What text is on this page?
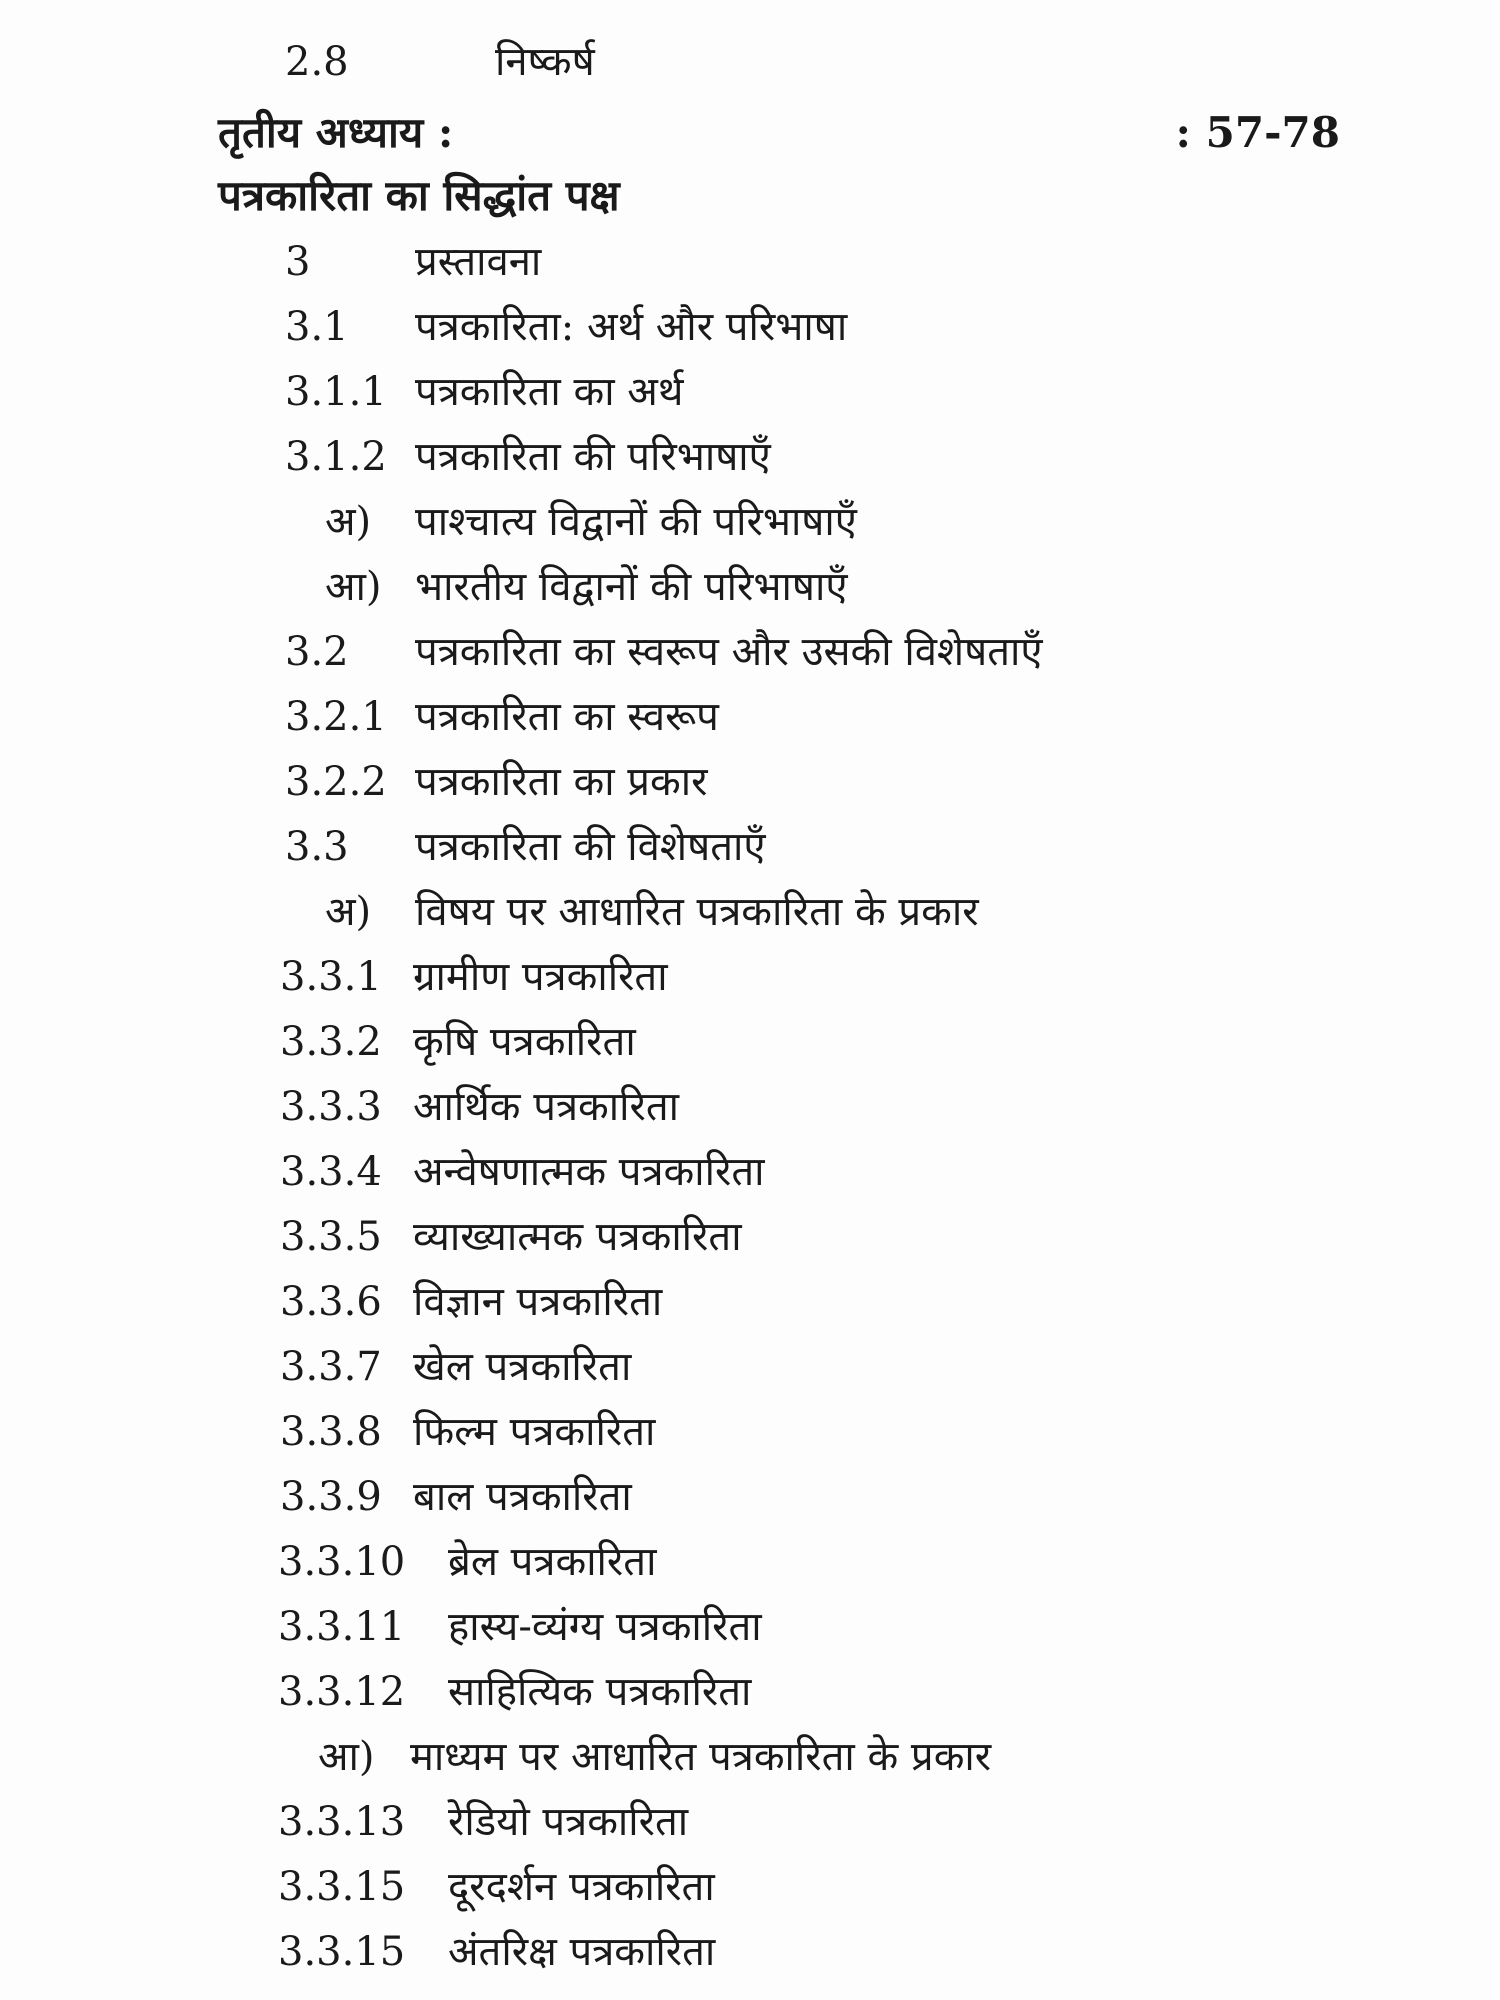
2.8	निष्कर्ष
तृतीय अध्याय :	: 57-78
पत्रकारिता का सिद्धांत पक्ष
3	प्रस्तावना
3.1 पत्रकारिता: अर्थ और परिभाषा
3.1.1 पत्रकारिता का अर्थ
3.1.2 पत्रकारिता की परिभाषाएँ
अ) पाश्चात्य विद्वानों की परिभाषाएँ
आ) भारतीय विद्वानों की परिभाषाएँ
3.2 पत्रकारिता का स्वरूप और उसकी विशेषताएँ
3.2.1 पत्रकारिता का स्वरूप
3.2.2 पत्रकारिता का प्रकार
3.3 पत्रकारिता की विशेषताएँ
अ) विषय पर आधारित पत्रकारिता के प्रकार
3.3.1 ग्रामीण पत्रकारिता
3.3.2 कृषि पत्रकारिता
3.3.3 आर्थिक पत्रकारिता
3.3.4 अन्वेषणात्मक पत्रकारिता
3.3.5 व्याख्यात्मक पत्रकारिता
3.3.6 विज्ञान पत्रकारिता
3.3.7 खेल पत्रकारिता
3.3.8 फिल्म पत्रकारिता
3.3.9 बाल पत्रकारिता
3.3.10 ब्रेल पत्रकारिता
3.3.11 हास्य-व्यंग्य पत्रकारिता
3.3.12 साहित्यिक पत्रकारिता
आ) माध्यम पर आधारित पत्रकारिता के प्रकार
3.3.13 रेडियो पत्रकारिता
3.3.15 दूरदर्शन पत्रकारिता
3.3.15 अंतरिक्ष पत्रकारिता
